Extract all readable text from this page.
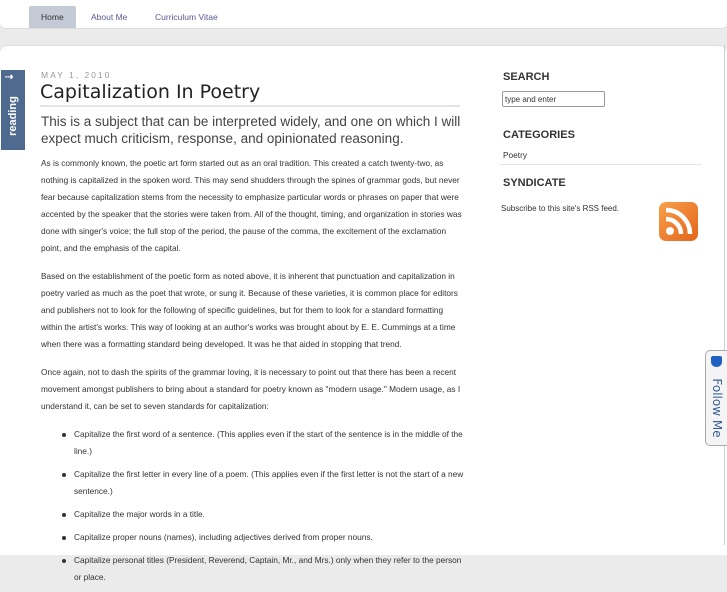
Home	About Me	Curriculum Vitae
⇢
reading
MAY 1, 2010
Capitalization In Poetry
This is a subject that can be interpreted widely, and one on which I will expect much criticism, response, and opinionated reasoning.

As is commonly known, the poetic art form started out as an oral tradition. This created a catch twenty-two, as nothing is capitalized in the spoken word. This may send shudders through the spines of grammar gods, but never fear because capitalization stems from the necessity to emphasize particular words or phrases on paper that were accented by the speaker that the stories were taken from. All of the thought, timing, and organization in stories was done with singer's voice; the full stop of the period, the pause of the comma, the excitement of the exclamation point, and the emphasis of the capital.

Based on the establishment of the poetic form as noted above, it is inherent that punctuation and capitalization in poetry varied as much as the poet that wrote, or sung it. Because of these varieties, it is common place for editors and publishers not to look for the following of specific guidelines, but for them to look for a standard formatting within the artist's works. This way of looking at an author's works was brought about by E. E. Cummings at a time when there was a formatting standard being developed. It was he that aided in stopping that trend.

Once again, not to dash the spirits of the grammar loving, it is necessary to point out that there has been a recent movement amongst publishers to bring about a standard for poetry known as "modern usage." Modern usage, as I understand it, can be set to seven standards for capitalization:

Capitalize the first word of a sentence. (This applies even if the start of the sentence is in the middle of the line.)
Capitalize the first letter in every line of a poem. (This applies even if the first letter is not the start of a new sentence.)
Capitalize the major words in a title.
Capitalize proper nouns (names), including adjectives derived from proper nouns.
Capitalize personal titles (President, Reverend, Captain, Mr., and Mrs.) only when they refer to the person or place.
SEARCH
type and enter
CATEGORIES
Poetry
SYNDICATE
Subscribe to this site's RSS feed.
Follow Me
